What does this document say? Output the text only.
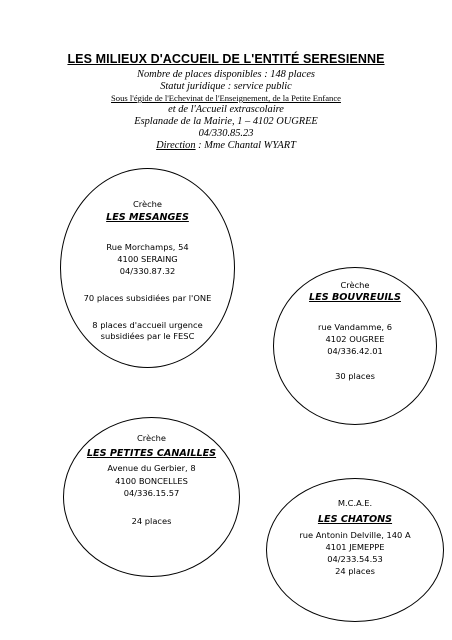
LES MILIEUX D'ACCUEIL DE L'ENTITÉ SERESIENNE
Nombre de places disponibles : 148 places
Statut juridique : service public
Sous l'égide de l'Echevinat de l'Enseignement, de la Petite Enfance
et de l'Accueil extrascolaire
Esplanade de la Mairie, 1 – 4102 OUGREE
04/330.85.23
Direction : Mme Chantal WYART
Crèche
LES MESANGES
Rue Morchamps, 54
4100 SERAING
04/330.87.32
70 places subsidiées par l'ONE
8 places d'accueil urgence
subsidiées par le FESC
Crèche
LES BOUVREUILS
rue Vandamme, 6
4102 OUGREE
04/336.42.01
30 places
Crèche
LES PETITES CANAILLES
Avenue du Gerbier, 8
4100 BONCELLES
04/336.15.57
24 places
M.C.A.E.
LES CHATONS
rue Antonin Delville, 140 A
4101 JEMEPPE
04/233.54.53
24 places
